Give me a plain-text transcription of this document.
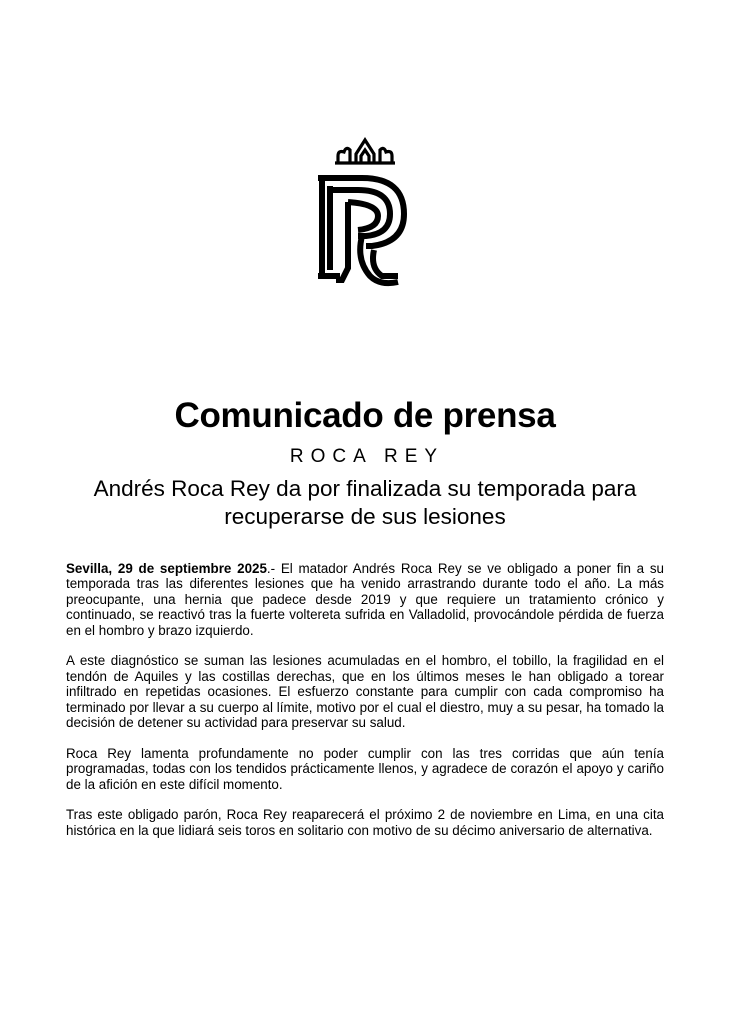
ROCA REY
Comunicado de prensa
Andrés Roca Rey da por finalizada su temporada para recuperarse de sus lesiones

Sevilla, 29 de septiembre 2025.- El matador Andrés Roca Rey se ve obligado a poner fin a su temporada tras las diferentes lesiones que ha venido arrastrando durante todo el año. La más preocupante, una hernia que padece desde 2019 y que requiere un tratamiento crónico y continuado, se reactivó tras la fuerte voltereta sufrida en Valladolid, provocándole pérdida de fuerza en el hombro y brazo izquierdo.

A este diagnóstico se suman las lesiones acumuladas en el hombro, el tobillo, la fragilidad en el tendón de Aquiles y las costillas derechas, que en los últimos meses le han obligado a torear infiltrado en repetidas ocasiones. El esfuerzo constante para cumplir con cada compromiso ha terminado por llevar a su cuerpo al límite, motivo por el cual el diestro, muy a su pesar, ha tomado la decisión de detener su actividad para preservar su salud.

Roca Rey lamenta profundamente no poder cumplir con las tres corridas que aún tenía programadas, todas con los tendidos prácticamente llenos, y agradece de corazón el apoyo y cariño de la afición en este difícil momento.

Tras este obligado parón, Roca Rey reaparecerá el próximo 2 de noviembre en Lima, en una cita histórica en la que lidiará seis toros en solitario con motivo de su décimo aniversario de alternativa.
